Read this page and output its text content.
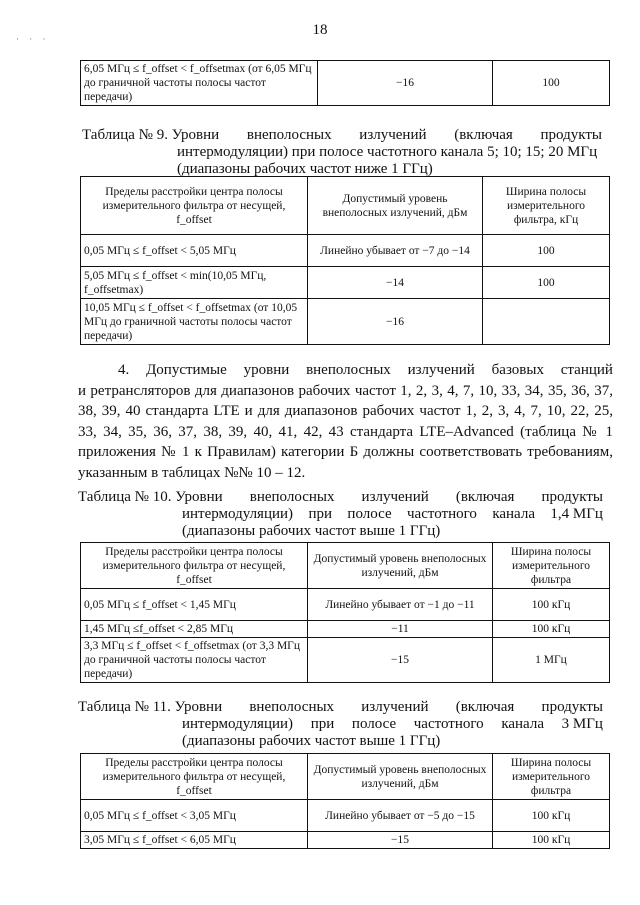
18
· · ·
6,05 МГц ≤ f_offset < f_offsetmax (от 6,05 МГц до граничной частоты полосы частот передачи)	−16	100
Таблица № 9. Уровни внеполосных излучений (включая продукты
интермодуляции) при полосе частотного канала 5; 10; 15; 20 МГц
(диапазоны рабочих частот ниже 1 ГГц)
Пределы расстройки центра полосы измерительного фильтра от несущей, f_offset	Допустимый уровень внеполосных излучений, дБм	Ширина полосы измерительного фильтра, кГц
0,05 МГц ≤ f_offset < 5,05 МГц	Линейно убывает от −7 до −14	100
5,05 МГц ≤ f_offset < min(10,05 МГц, f_offsetmax)	−14	100
10,05 МГц ≤ f_offset < f_offsetmax (от 10,05 МГц до граничной частоты полосы частот передачи)	−16	
4. Допустимые уровни внеполосных излучений базовых станций
и ретрансляторов для диапазонов рабочих частот 1, 2, 3, 4, 7, 10, 33, 34, 35, 36, 37, 38, 39, 40 стандарта LTE и для диапазонов рабочих частот 1, 2, 3, 4, 7, 10, 22, 25, 33, 34, 35, 36, 37, 38, 39, 40, 41, 42, 43 стандарта LTE–Advanced (таблица № 1 приложения № 1 к Правилам) категории Б должны соответствовать требованиям, указанным в таблицах №№ 10 – 12.
Таблица № 10. Уровни внеполосных излучений (включая продукты
интермодуляции) при полосе частотного канала 1,4 МГц
(диапазоны рабочих частот выше 1 ГГц)
Пределы расстройки центра полосы измерительного фильтра от несущей, f_offset	Допустимый уровень внеполосных излучений, дБм	Ширина полосы измерительного фильтра
0,05 МГц ≤ f_offset < 1,45 МГц	Линейно убывает от −1 до −11	100 кГц
1,45 МГц ≤f_offset < 2,85 МГц	−11	100 кГц
3,3 МГц ≤ f_offset < f_offsetmax (от 3,3 МГц до граничной частоты полосы частот передачи)	−15	1 МГц
Таблица № 11. Уровни внеполосных излучений (включая продукты
интермодуляции) при полосе частотного канала 3 МГц
(диапазоны рабочих частот выше 1 ГГц)
Пределы расстройки центра полосы измерительного фильтра от несущей, f_offset	Допустимый уровень внеполосных излучений, дБм	Ширина полосы измерительного фильтра
0,05 МГц ≤ f_offset < 3,05 МГц	Линейно убывает от −5 до −15	100 кГц
3,05 МГц ≤ f_offset < 6,05 МГц	−15	100 кГц
